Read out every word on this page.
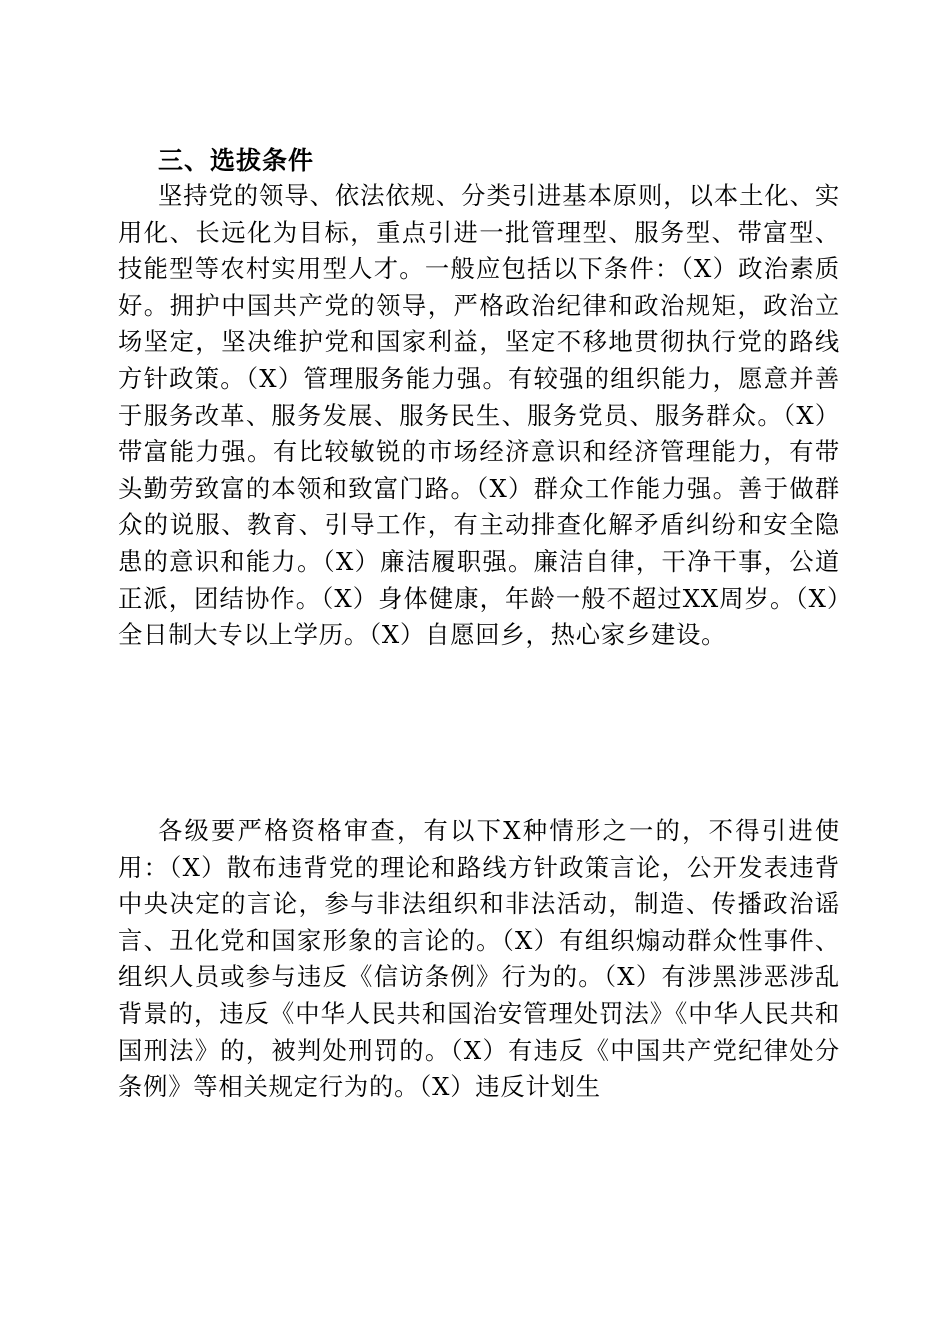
三、选拔条件

坚持党的领导、依法依规、分类引进基本原则，以本土化、实用化、长远化为目标，重点引进一批管理型、服务型、带富型、技能型等农村实用型人才。一般应包括以下条件：（X）政治素质好。拥护中国共产党的领导，严格政治纪律和政治规矩，政治立场坚定，坚决维护党和国家利益，坚定不移地贯彻执行党的路线方针政策。（X）管理服务能力强。有较强的组织能力，愿意并善于服务改革、服务发展、服务民生、服务党员、服务群众。（X）带富能力强。有比较敏锐的市场经济意识和经济管理能力，有带头勤劳致富的本领和致富门路。（X）群众工作能力强。善于做群众的说服、教育、引导工作，有主动排查化解矛盾纠纷和安全隐患的意识和能力。（X）廉洁履职强。廉洁自律，干净干事，公道正派，团结协作。（X）身体健康，年龄一般不超过XX周岁。（X）全日制大专以上学历。（X）自愿回乡，热心家乡建设。

各级要严格资格审查，有以下X种情形之一的，不得引进使用：（X）散布违背党的理论和路线方针政策言论，公开发表违背中央决定的言论，参与非法组织和非法活动，制造、传播政治谣言、丑化党和国家形象的言论的。（X）有组织煽动群众性事件、组织人员或参与违反《信访条例》行为的。（X）有涉黑涉恶涉乱背景的，违反《中华人民共和国治安管理处罚法》《中华人民共和国刑法》的，被判处刑罚的。（X）有违反《中国共产党纪律处分条例》等相关规定行为的。（X）违反计划生
